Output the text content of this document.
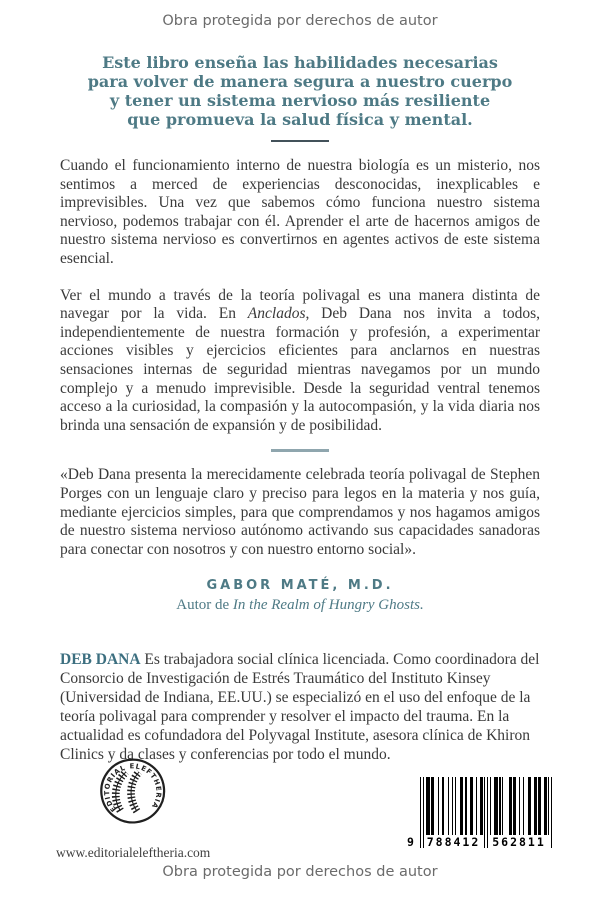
Obra protegida por derechos de autor
Este libro enseña las habilidades necesarias
para volver de manera segura a nuestro cuerpo
y tener un sistema nervioso más resiliente
que promueva la salud física y mental.

Cuando el funcionamiento interno de nuestra biología es un misterio, nos sentimos a merced de experiencias desconocidas, inexplicables e imprevisibles. Una vez que sabemos cómo funciona nuestro sistema nervioso, podemos trabajar con él. Aprender el arte de hacernos amigos de nuestro sistema nervioso es convertirnos en agentes activos de este sistema esencial.

Ver el mundo a través de la teoría polivagal es una manera distinta de navegar por la vida. En Anclados, Deb Dana nos invita a todos, independientemente de nuestra formación y profesión, a experimentar acciones visibles y ejercicios eficientes para anclarnos en nuestras sensaciones internas de seguridad mientras navegamos por un mundo complejo y a menudo imprevisible. Desde la seguridad ventral tenemos acceso a la curiosidad, la compasión y la autocompasión, y la vida diaria nos brinda una sensación de expansión y de posibilidad.

«Deb Dana presenta la merecidamente celebrada teoría polivagal de Stephen Porges con un lenguaje claro y preciso para legos en la materia y nos guía, mediante ejercicios simples, para que comprendamos y nos hagamos amigos de nuestro sistema nervioso autónomo activando sus capacidades sanadoras para conectar con nosotros y con nuestro entorno social».

GABOR MATÉ, M.D.
Autor de In the Realm of Hungry Ghosts.

DEB DANA Es trabajadora social clínica licenciada. Como coordinadora del Consorcio de Investigación de Estrés Traumático del Instituto Kinsey (Universidad de Indiana, EE.UU.) se especializó en el uso del enfoque de la teoría polivagal para comprender y resolver el impacto del trauma. En la actualidad es cofundadora del Polyvagal Institute, asesora clínica de Khiron Clinics y da clases y conferencias por todo el mundo.

EDITORIAL ELEFTHERIA
www.editorialeleftheria.com
9 788412 562811
Obra protegida por derechos de autor
